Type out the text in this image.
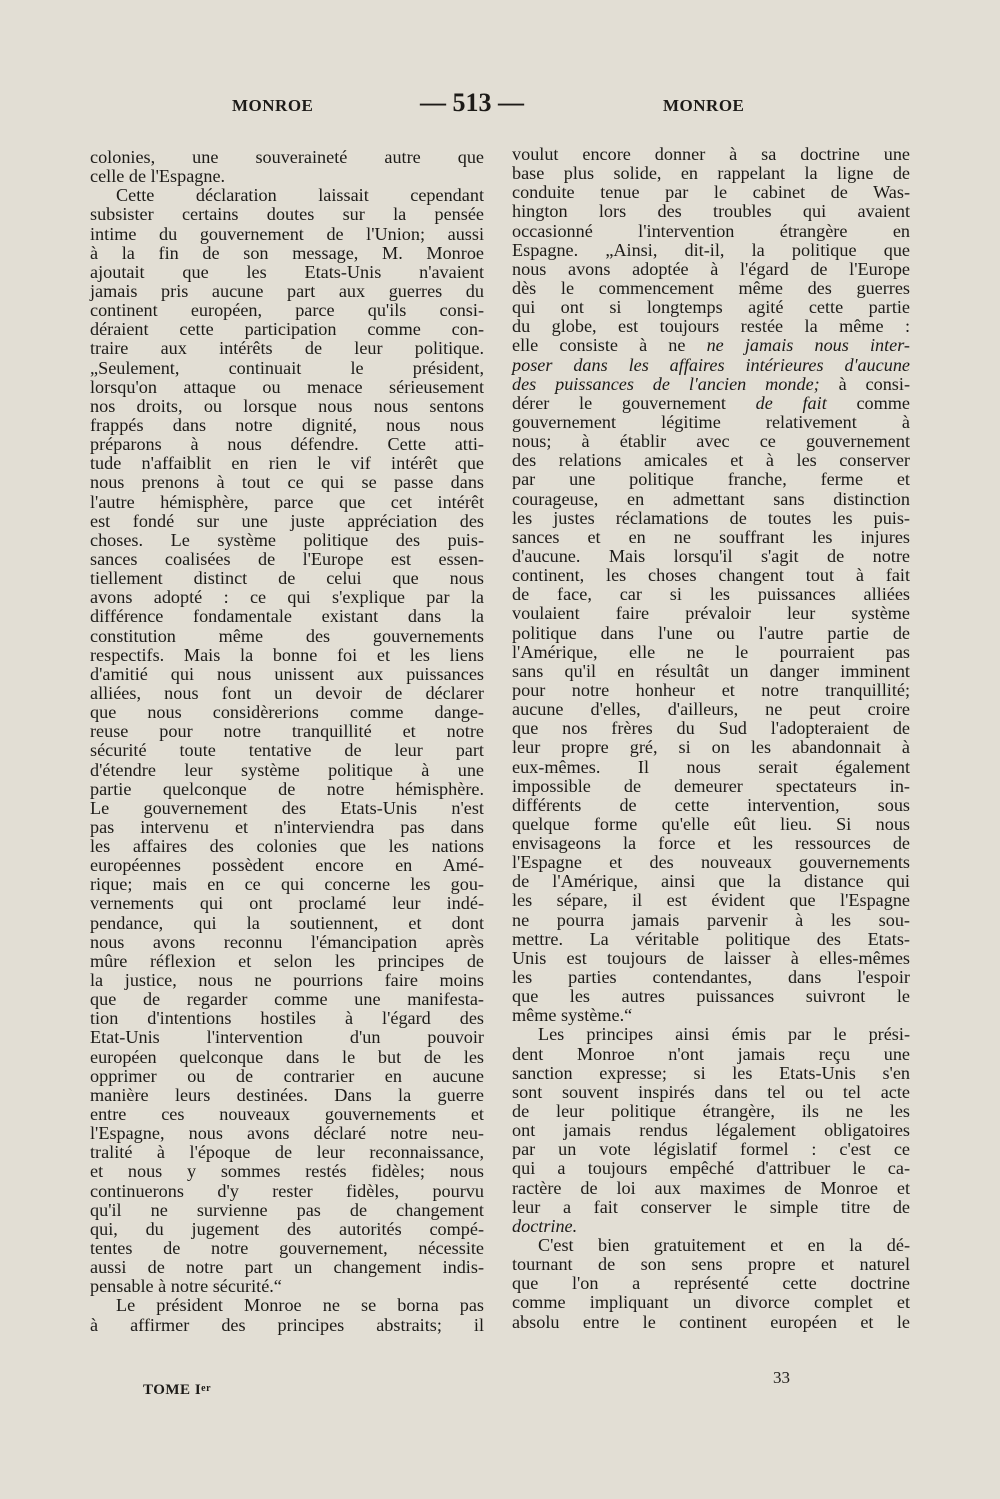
MONROE	— 513 —	MONROE
colonies, une souveraineté autre que
celle de l'Espagne.
Cette déclaration laissait cependant
subsister certains doutes sur la pensée
intime du gouvernement de l'Union; aussi
à la fin de son message, M. Monroe
ajoutait que les Etats-Unis n'avaient
jamais pris aucune part aux guerres du
continent européen, parce qu'ils consi-
déraient cette participation comme con-
traire aux intérêts de leur politique.
„Seulement, continuait le président,
lorsqu'on attaque ou menace sérieusement
nos droits, ou lorsque nous nous sentons
frappés dans notre dignité, nous nous
préparons à nous défendre. Cette atti-
tude n'affaiblit en rien le vif intérêt que
nous prenons à tout ce qui se passe dans
l'autre hémisphère, parce que cet intérêt
est fondé sur une juste appréciation des
choses. Le système politique des puis-
sances coalisées de l'Europe est essen-
tiellement distinct de celui que nous
avons adopté : ce qui s'explique par la
différence fondamentale existant dans la
constitution même des gouvernements
respectifs. Mais la bonne foi et les liens
d'amitié qui nous unissent aux puissances
alliées, nous font un devoir de déclarer
que nous considèrerions comme dange-
reuse pour notre tranquillité et notre
sécurité toute tentative de leur part
d'étendre leur système politique à une
partie quelconque de notre hémisphère.
Le gouvernement des Etats-Unis n'est
pas intervenu et n'interviendra pas dans
les affaires des colonies que les nations
européennes possèdent encore en Amé-
rique; mais en ce qui concerne les gou-
vernements qui ont proclamé leur indé-
pendance, qui la soutiennent, et dont
nous avons reconnu l'émancipation après
mûre réflexion et selon les principes de
la justice, nous ne pourrions faire moins
que de regarder comme une manifesta-
tion d'intentions hostiles à l'égard des
Etat-Unis l'intervention d'un pouvoir
européen quelconque dans le but de les
opprimer ou de contrarier en aucune
manière leurs destinées. Dans la guerre
entre ces nouveaux gouvernements et
l'Espagne, nous avons déclaré notre neu-
tralité à l'époque de leur reconnaissance,
et nous y sommes restés fidèles; nous
continuerons d'y rester fidèles, pourvu
qu'il ne survienne pas de changement
qui, du jugement des autorités compé-
tentes de notre gouvernement, nécessite
aussi de notre part un changement indis-
pensable à notre sécurité.“
Le président Monroe ne se borna pas
à affirmer des principes abstraits; il
voulut encore donner à sa doctrine une
base plus solide, en rappelant la ligne de
conduite tenue par le cabinet de Was-
hington lors des troubles qui avaient
occasionné l'intervention étrangère en
Espagne. „Ainsi, dit-il, la politique que
nous avons adoptée à l'égard de l'Europe
dès le commencement même des guerres
qui ont si longtemps agité cette partie
du globe, est toujours restée la même :
elle consiste à ne ne jamais nous inter-
poser dans les affaires intérieures d'aucune
des puissances de l'ancien monde; à consi-
dérer le gouvernement de fait comme
gouvernement légitime relativement à
nous; à établir avec ce gouvernement
des relations amicales et à les conserver
par une politique franche, ferme et
courageuse, en admettant sans distinction
les justes réclamations de toutes les puis-
sances et en ne souffrant les injures
d'aucune. Mais lorsqu'il s'agit de notre
continent, les choses changent tout à fait
de face, car si les puissances alliées
voulaient faire prévaloir leur système
politique dans l'une ou l'autre partie de
l'Amérique, elle ne le pourraient pas
sans qu'il en résultât un danger imminent
pour notre honheur et notre tranquillité;
aucune d'elles, d'ailleurs, ne peut croire
que nos frères du Sud l'adopteraient de
leur propre gré, si on les abandonnait à
eux-mêmes. Il nous serait également
impossible de demeurer spectateurs in-
différents de cette intervention, sous
quelque forme qu'elle eût lieu. Si nous
envisageons la force et les ressources de
l'Espagne et des nouveaux gouvernements
de l'Amérique, ainsi que la distance qui
les sépare, il est évident que l'Espagne
ne pourra jamais parvenir à les sou-
mettre. La véritable politique des Etats-
Unis est toujours de laisser à elles-mêmes
les parties contendantes, dans l'espoir
que les autres puissances suivront le
même système.“
Les principes ainsi émis par le prési-
dent Monroe n'ont jamais reçu une
sanction expresse; si les Etats-Unis s'en
sont souvent inspirés dans tel ou tel acte
de leur politique étrangère, ils ne les
ont jamais rendus légalement obligatoires
par un vote législatif formel : c'est ce
qui a toujours empêché d'attribuer le ca-
ractère de loi aux maximes de Monroe et
leur a fait conserver le simple titre de
doctrine.
C'est bien gratuitement et en la dé-
tournant de son sens propre et naturel
que l'on a représenté cette doctrine
comme impliquant un divorce complet et
absolu entre le continent européen et le
TOME Ier
33
